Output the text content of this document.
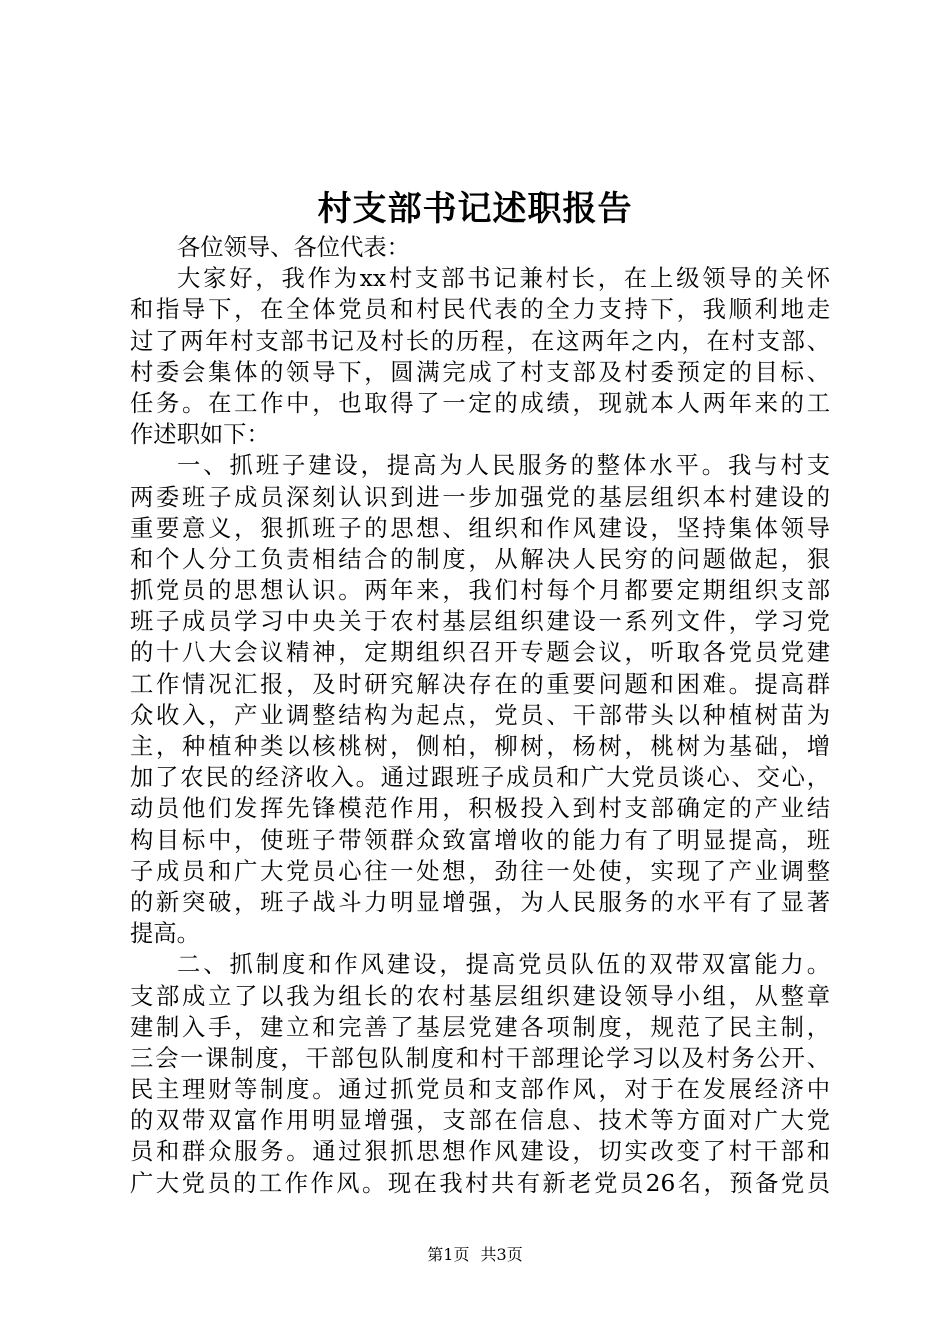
村支部书记述职报告
各位领导、各位代表：
大家好，我作为xx村支部书记兼村长，在上级领导的关怀
和指导下，在全体党员和村民代表的全力支持下，我顺利地走
过了两年村支部书记及村长的历程，在这两年之内，在村支部、
村委会集体的领导下，圆满完成了村支部及村委预定的目标、
任务。在工作中，也取得了一定的成绩，现就本人两年来的工
作述职如下：
一、抓班子建设，提高为人民服务的整体水平。我与村支
两委班子成员深刻认识到进一步加强党的基层组织本村建设的
重要意义，狠抓班子的思想、组织和作风建设，坚持集体领导
和个人分工负责相结合的制度，从解决人民穷的问题做起，狠
抓党员的思想认识。两年来，我们村每个月都要定期组织支部
班子成员学习中央关于农村基层组织建设一系列文件，学习党
的十八大会议精神，定期组织召开专题会议，听取各党员党建
工作情况汇报，及时研究解决存在的重要问题和困难。提高群
众收入，产业调整结构为起点，党员、干部带头以种植树苗为
主，种植种类以核桃树，侧柏，柳树，杨树，桃树为基础，增
加了农民的经济收入。通过跟班子成员和广大党员谈心、交心，
动员他们发挥先锋模范作用，积极投入到村支部确定的产业结
构目标中，使班子带领群众致富增收的能力有了明显提高，班
子成员和广大党员心往一处想，劲往一处使，实现了产业调整
的新突破，班子战斗力明显增强，为人民服务的水平有了显著
提高。
二、抓制度和作风建设，提高党员队伍的双带双富能力。
支部成立了以我为组长的农村基层组织建设领导小组，从整章
建制入手，建立和完善了基层党建各项制度，规范了民主制，
三会一课制度，干部包队制度和村干部理论学习以及村务公开、
民主理财等制度。通过抓党员和支部作风，对于在发展经济中
的双带双富作用明显增强，支部在信息、技术等方面对广大党
员和群众服务。通过狠抓思想作风建设，切实改变了村干部和
广大党员的工作作风。现在我村共有新老党员26名，预备党员
第1页 共3页
